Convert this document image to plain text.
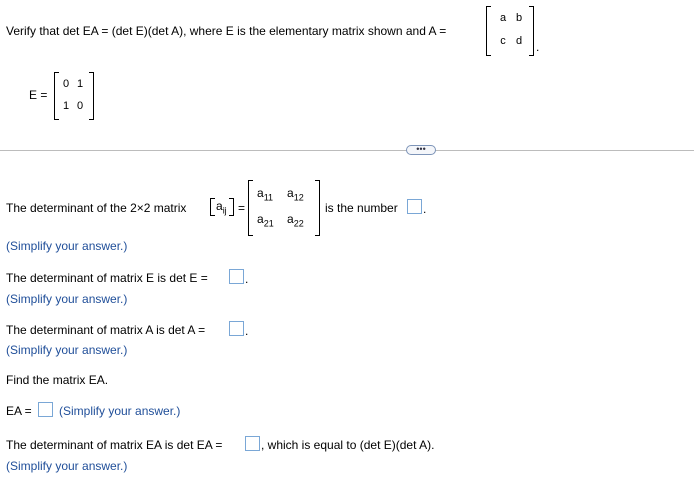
Verify that det EA = (det E)(det A), where E is the elementary matrix shown and A =
a b
c d .
E =
0 1
1 0
•••
The determinant of the 2×2 matrix $a_{ij}$ =
$a_{11}$ $a_{12}$
$a_{21}$ $a_{22}$
is the number .
(Simplify your answer.)
The determinant of matrix E is det E =	.
(Simplify your answer.)
The determinant of matrix A is det A =	.
(Simplify your answer.)
Find the matrix EA.
EA = (Simplify your answer.)
The determinant of matrix EA is det EA =	, which is equal to (det E)(det A).
(Simplify your answer.)
